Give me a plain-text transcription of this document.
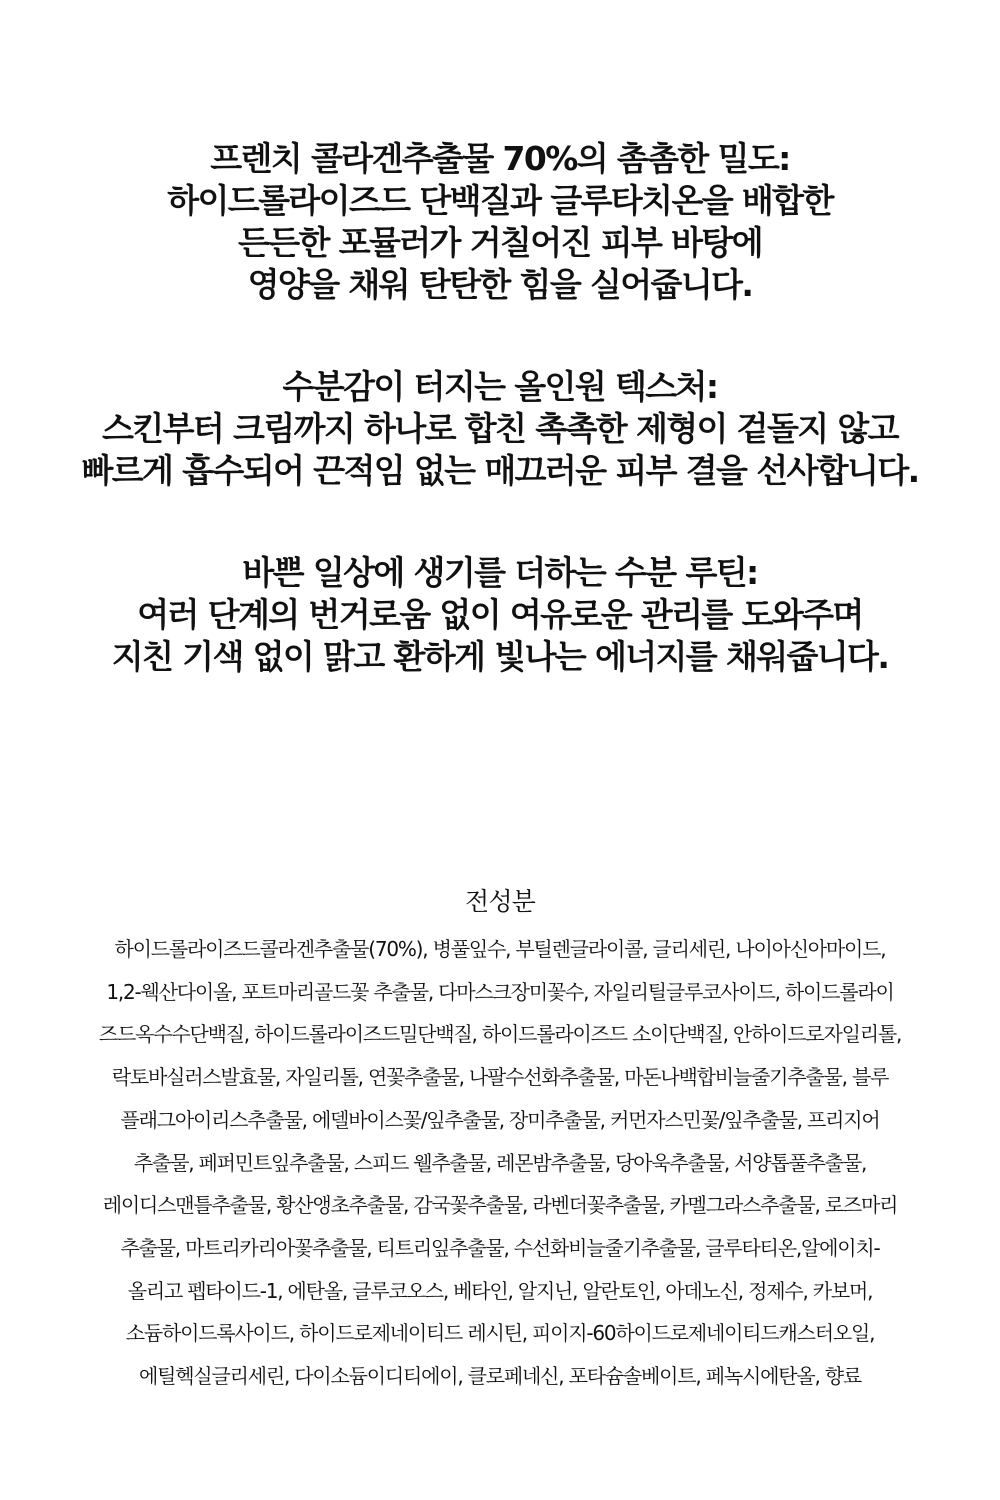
프렌치 콜라겐추출물 70%의 촘촘한 밀도:
하이드롤라이즈드 단백질과 글루타치온을 배합한
든든한 포뮬러가 거칠어진 피부 바탕에
영양을 채워 탄탄한 힘을 실어줍니다.
수분감이 터지는 올인원 텍스처:
스킨부터 크림까지 하나로 합친 촉촉한 제형이 겉돌지 않고
빠르게 흡수되어 끈적임 없는 매끄러운 피부 결을 선사합니다.
바쁜 일상에 생기를 더하는 수분 루틴:
여러 단계의 번거로움 없이 여유로운 관리를 도와주며
지친 기색 없이 맑고 환하게 빛나는 에너지를 채워줍니다.
전성분
하이드롤라이즈드콜라겐추출물(70%), 병풀잎수, 부틸렌글라이콜, 글리세린, 나이아신아마이드,
1,2-웩산다이올, 포트마리골드꽃 추출물, 다마스크장미꽃수, 자일리틸글루코사이드, 하이드롤라이
즈드옥수수단백질, 하이드롤라이즈드밀단백질, 하이드롤라이즈드 소이단백질, 안하이드로자일리톨,
락토바실러스발효물, 자일리톨, 연꽃추출물, 나팔수선화추출물, 마돈나백합비늘줄기추출물, 블루
플래그아이리스추출물, 에델바이스꽃/잎추출물, 장미추출물, 커먼자스민꽃/잎추출물, 프리지어
추출물, 페퍼민트잎추출물, 스피드 웰추출물, 레몬밤추출물, 당아욱추출물, 서양톱풀추출물,
레이디스맨틀추출물, 황산앵초추출물, 감국꽃추출물, 라벤더꽃추출물, 카멜그라스추출물, 로즈마리
추출물, 마트리카리아꽃추출물, 티트리잎추출물, 수선화비늘줄기추출물, 글루타티온,알에이치-
올리고 펩타이드-1, 에탄올, 글루코오스, 베타인, 알지닌, 알란토인, 아데노신, 정제수, 카보머,
소듐하이드록사이드, 하이드로제네이티드 레시틴, 피이지-60하이드로제네이티드캐스터오일,
에틸헥실글리세린, 다이소듐이디티에이, 클로페네신, 포타슘솔베이트, 페녹시에탄올, 향료
